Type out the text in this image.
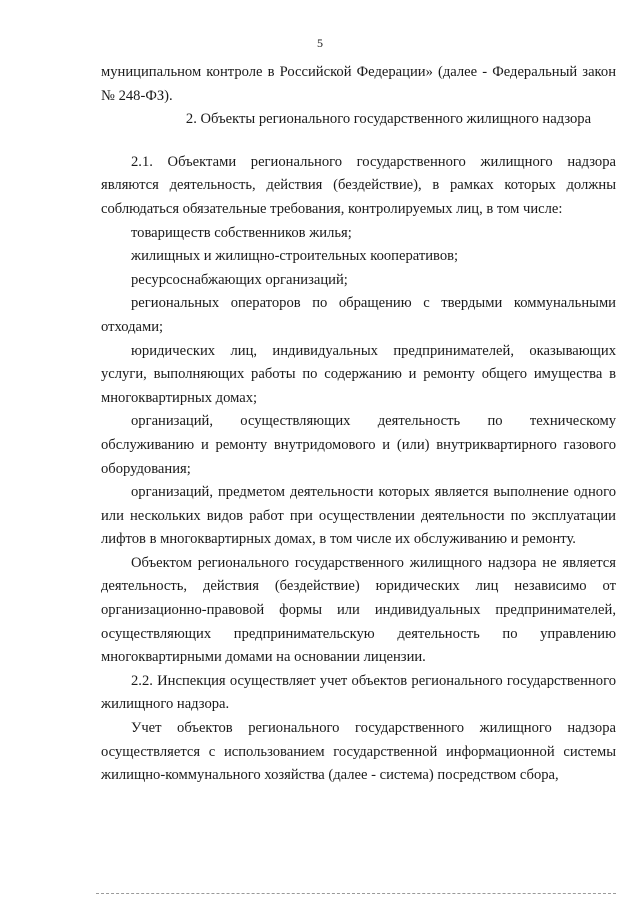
5

муниципальном контроле в Российской Федерации» (далее - Федеральный закон № 248-ФЗ).

2. Объекты регионального государственного жилищного надзора

2.1. Объектами регионального государственного жилищного надзора являются деятельность, действия (бездействие), в рамках которых должны соблюдаться обязательные требования, контролируемых лиц, в том числе:

товариществ собственников жилья;

жилищных и жилищно-строительных кооперативов;

ресурсоснабжающих организаций;

региональных операторов по обращению с твердыми коммунальными отходами;

юридических лиц, индивидуальных предпринимателей, оказывающих услуги, выполняющих работы по содержанию и ремонту общего имущества в многоквартирных домах;

организаций, осуществляющих деятельность по техническому обслуживанию и ремонту внутридомового и (или) внутриквартирного газового оборудования;

организаций, предметом деятельности которых является выполнение одного или нескольких видов работ при осуществлении деятельности по эксплуатации лифтов в многоквартирных домах, в том числе их обслуживанию и ремонту.

Объектом регионального государственного жилищного надзора не является деятельность, действия (бездействие) юридических лиц независимо от организационно-правовой формы или индивидуальных предпринимателей, осуществляющих предпринимательскую деятельность по управлению многоквартирными домами на основании лицензии.

2.2. Инспекция осуществляет учет объектов регионального государственного жилищного надзора.

Учет объектов регионального государственного жилищного надзора осуществляется с использованием государственной информационной системы жилищно-коммунального хозяйства (далее - система) посредством сбора,
